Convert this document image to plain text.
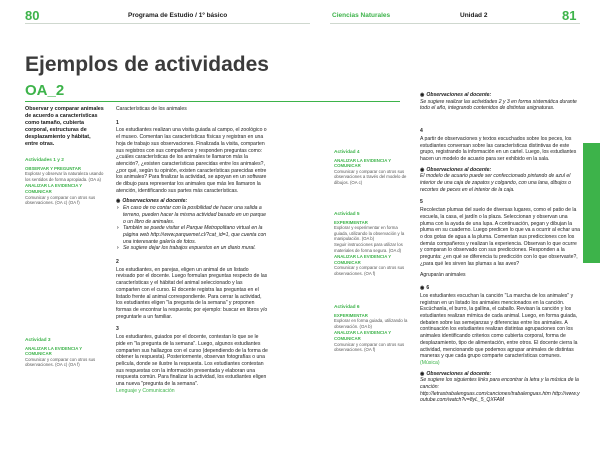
80	Programa de Estudio / 1º básico	Ciencias Naturales	Unidad 2	81
Ejemplos de actividades
OA_2
Observar y comparar animales de acuerdo a características como tamaño, cubierta corporal, estructuras de desplazamiento y hábitat, entre otras.
Actividades 1 y 2
OBSERVAR Y PREGUNTAR
Explorar y observar la naturaleza usando los sentidos de forma apropiada. (OA a)
ANALIZAR LA EVIDENCIA Y COMUNICAR
Comunicar y comparar con otros sus observaciones. (OA c) (OA f)
Actividad 3
ANALIZAR LA EVIDENCIA Y COMUNICAR
Comunicar y comparar con otros sus observaciones. (OA c) (OA f)
Características de los animales
1

Los estudiantes realizan una visita guiada al campo, el zoológico o el museo. Comentan las características físicas y registran en una hoja de trabajo sus observaciones. Finalizada la visita, comparten sus registros con sus compañeros y responden preguntas como: ¿cuáles características de los animales te llamaron más la atención?, ¿existen características parecidas entre los animales?, ¿por qué, según tu opinión, existen características parecidas entre los animales? Para finalizar la actividad, se apoyan en un software de dibujo para representar los animales que más les llamaron la atención, identificando sus partes más características.

◉ Observaciones al docente:
› En caso de no contar con la posibilidad de hacer una salida a terreno, pueden hacer la misma actividad basado en un parque o un libro de animales.
› También se puede visitar el Parque Metropolitano virtual en la página web http://www.parquemet.cl/?cat_id=1, que cuenta con una interesante galería de fotos.
› Se sugiere dejar los trabajos expuestos en un diario mural.
2

Los estudiantes, en parejas, eligen un animal de un listado revisado por el docente. Luego formulan preguntas respecto de las características y el hábitat del animal seleccionado y las comparten con el curso. El docente registra las preguntas en el listado frente al animal correspondiente. Para cerrar la actividad, los estudiantes eligen "la pregunta de la semana" y proponen formas de encontrar la respuesta; por ejemplo: buscar en libros y/o preguntarle a un familiar.

3

Los estudiantes, guiados por el docente, contestan lo que se le pide en "la pregunta de la semana". Luego, algunos estudiantes comparten sus hallazgos con el curso (dependiendo de la forma de obtener la respuesta). Posteriormente, observan fotografías o una película, donde se ilustre la respuesta. Los estudiantes contestan sus respuestas con la información presentada y elaboran una respuesta común. Para finalizar la actividad, los estudiantes eligen una nueva "pregunta de la semana".

Lenguaje y Comunicación
Actividad 4
ANALIZAR LA EVIDENCIA Y COMUNICAR
Comunicar y comparar con otros sus observaciones a través del modelo de dibujos. (OA c)
Actividad 5
EXPERIMENTAR
Explorar y experimentar en forma guiada, utilizando la observación y la manipulación. (OA b)
Seguir instrucciones para utilizar los materiales de forma segura. (OA d)
ANALIZAR LA EVIDENCIA Y COMUNICAR
Comunicar y comparar con otros sus observaciones. (OA f)
Actividad 6
EXPERIMENTAR
Explorar en forma guiada, utilizando la observación. (OA b)
ANALIZAR LA EVIDENCIA Y COMUNICAR
Comunicar y comparar con otros sus observaciones. (OA f)
◉ Observaciones al docente:

Se sugiere realizar las actividades 2 y 3 en forma sistemática durante todo el año, integrando contenidos de distintas asignaturas.

4

A partir de observaciones y textos escuchados sobre los peces, los estudiantes conversan sobre las características distintivas de este grupo, registrando la información en un cartel. Luego, los estudiantes hacen un modelo de acuario para ser exhibido en la sala.

◉ Observaciones al docente:

El modelo de acuario puede ser confeccionado pintando de azul el interior de una caja de zapatos y colgando, con una lana, dibujos o recortes de peces en el interior de la caja.

5

Recolectan plumas del suelo de diversas lugares, como el patio de la escuela, la casa, el jardín o la plaza. Seleccionan y observan una pluma con la ayuda de una lupa. A continuación, pegan y dibujan la pluma en su cuaderno. Luego predicen lo que va a ocurrir al echar una o dos gotas de agua a la pluma. Comentan sus predicciones con los demás compañeros y realizan la experiencia. Observan lo que ocurre y comparan lo observado con sus predicciones. Responden a la pregunta: ¿en qué se diferencia tu predicción con lo que observaste?, ¿para qué les sirven las plumas a las aves?

Agruparán animales

◉ 6

Los estudiantes escuchan la canción "La marcha de los animales" y registran en un listado los animales mencionados en la canción. Escúchanla, el burro, la gallina, el caballo. Revisan la canción y los estudiantes realizan mímica de cada animal. Luego, en forma guiada, debaten sobre las semejanzas y diferencias entre los animales. A continuación los estudiantes realizan distintas agrupaciones con los animales identificando criterios como cubierta corporal, forma de desplazamiento, tipo de alimentación, entre otros. El docente cierra la actividad, mencionando que podemos agrupar animales de distintas maneras y que cada grupo comparte características comunes. (Música)

◉ Observaciones al docente:

Se sugiere los siguientes links para encontrar la letra y la música de la canción:

http://letrastrabalenguas.com/canciones/trabalenguas.htm http://www.youtube.com/watch?v=8yL_5_QXFAM
